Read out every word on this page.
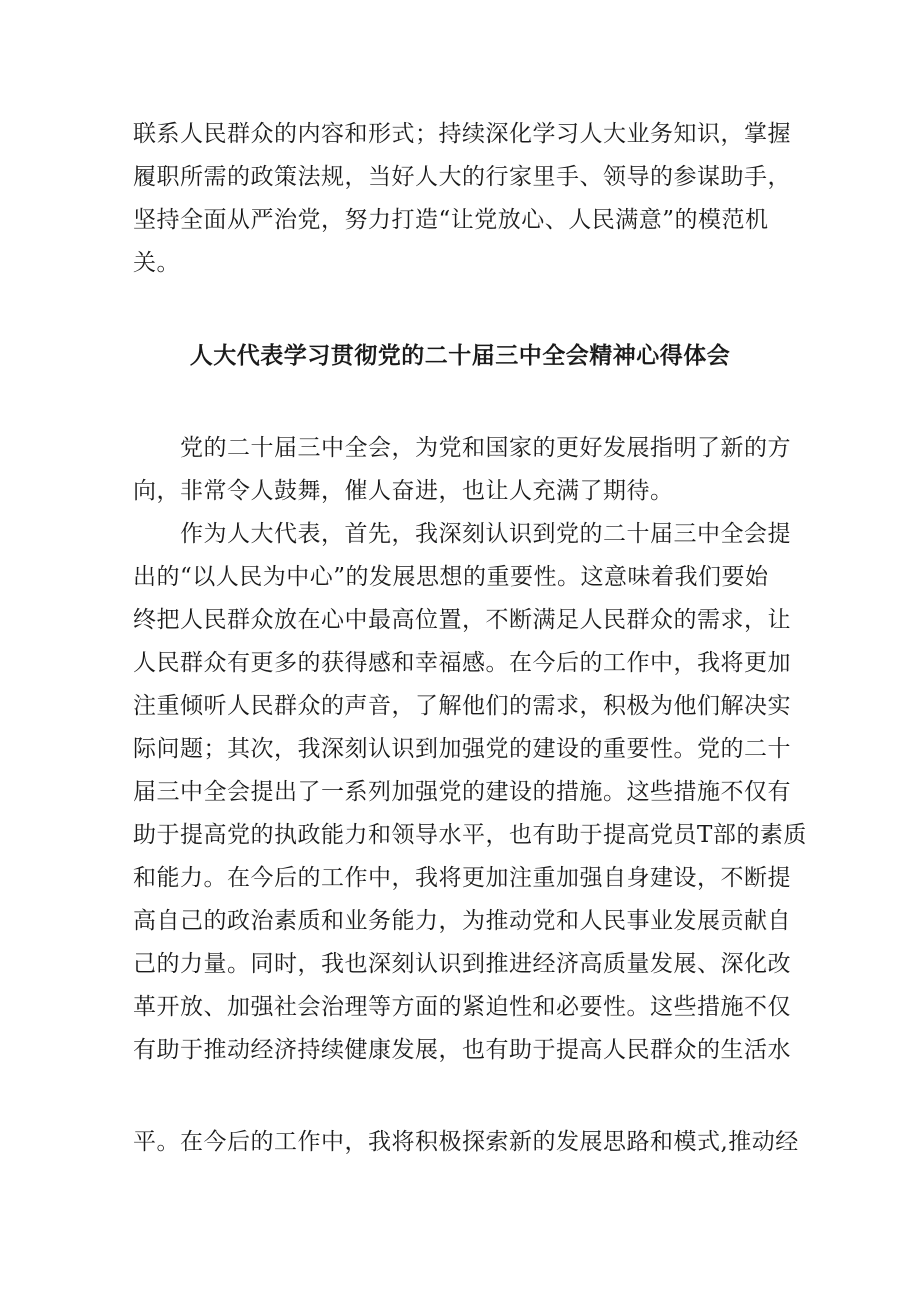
联系人民群众的内容和形式；持续深化学习人大业务知识，掌握
履职所需的政策法规，当好人大的行家里手、领导的参谋助手，
坚持全面从严治党，努力打造“让党放心、人民满意”的模范机
关。
人大代表学习贯彻党的二十届三中全会精神心得体会
党的二十届三中全会，为党和国家的更好发展指明了新的方
向，非常令人鼓舞，催人奋进，也让人充满了期待。
作为人大代表，首先，我深刻认识到党的二十届三中全会提
出的“以人民为中心”的发展思想的重要性。这意味着我们要始
终把人民群众放在心中最高位置，不断满足人民群众的需求，让
人民群众有更多的获得感和幸福感。在今后的工作中，我将更加
注重倾听人民群众的声音，了解他们的需求，积极为他们解决实
际问题；其次，我深刻认识到加强党的建设的重要性。党的二十
届三中全会提出了一系列加强党的建设的措施。这些措施不仅有
助于提高党的执政能力和领导水平，也有助于提高党员T部的素质
和能力。在今后的工作中，我将更加注重加强自身建设，不断提
高自己的政治素质和业务能力，为推动党和人民事业发展贡献自
己的力量。同时，我也深刻认识到推进经济高质量发展、深化改
革开放、加强社会治理等方面的紧迫性和必要性。这些措施不仅
有助于推动经济持续健康发展，也有助于提高人民群众的生活水
平。在今后的工作中，我将积极探索新的发展思路和模式,推动经
